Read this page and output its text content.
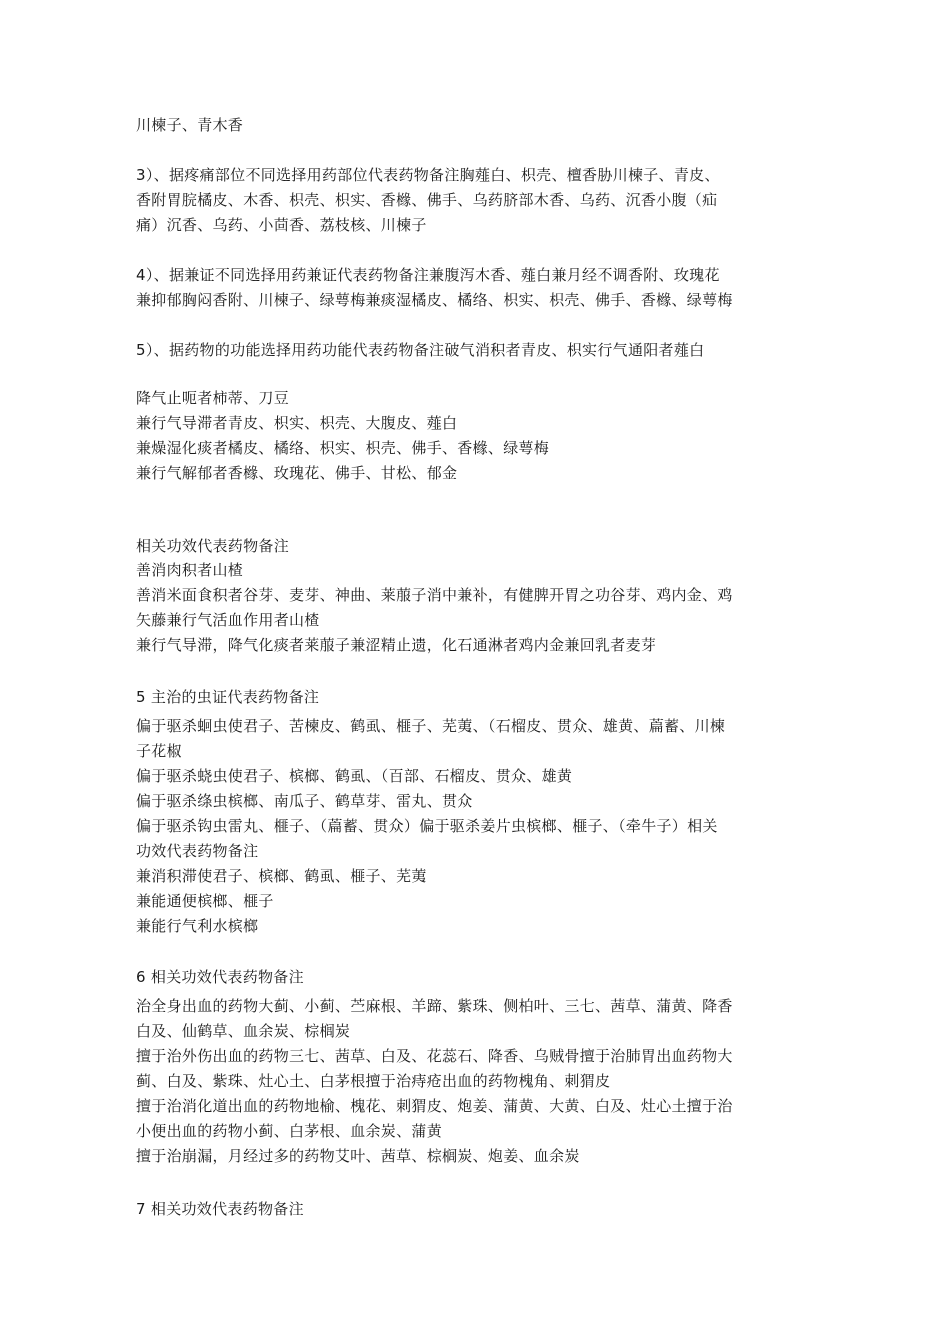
川楝子、青木香
3）、据疼痛部位不同选择用药部位代表药物备注胸薤白、枳壳、檀香胁川楝子、青皮、
香附胃脘橘皮、木香、枳壳、枳实、香橼、佛手、乌药脐部木香、乌药、沉香小腹（疝
痛）沉香、乌药、小茴香、荔枝核、川楝子
4）、据兼证不同选择用药兼证代表药物备注兼腹泻木香、薤白兼月经不调香附、玫瑰花
兼抑郁胸闷香附、川楝子、绿萼梅兼痰湿橘皮、橘络、枳实、枳壳、佛手、香橼、绿萼梅
5）、据药物的功能选择用药功能代表药物备注破气消积者青皮、枳实行气通阳者薤白
降气止呃者柿蒂、刀豆
兼行气导滞者青皮、枳实、枳壳、大腹皮、薤白
兼燥湿化痰者橘皮、橘络、枳实、枳壳、佛手、香橼、绿萼梅
兼行气解郁者香橼、玫瑰花、佛手、甘松、郁金
相关功效代表药物备注
善消肉积者山楂
善消米面食积者谷芽、麦芽、神曲、莱菔子消中兼补，有健脾开胃之功谷芽、鸡内金、鸡
矢藤兼行气活血作用者山楂
兼行气导滞，降气化痰者莱菔子兼涩精止遗，化石通淋者鸡内金兼回乳者麦芽
5 主治的虫证代表药物备注
偏于驱杀蛔虫使君子、苦楝皮、鹤虱、榧子、芜荑、（石榴皮、贯众、雄黄、萹蓄、川楝
子花椒
偏于驱杀蛲虫使君子、槟榔、鹤虱、（百部、石榴皮、贯众、雄黄
偏于驱杀绦虫槟榔、南瓜子、鹤草芽、雷丸、贯众
偏于驱杀钩虫雷丸、榧子、（萹蓄、贯众）偏于驱杀姜片虫槟榔、榧子、（牵牛子）相关
功效代表药物备注
兼消积滞使君子、槟榔、鹤虱、榧子、芜荑
兼能通便槟榔、榧子
兼能行气利水槟榔
6 相关功效代表药物备注
治全身出血的药物大蓟、小蓟、苎麻根、羊蹄、紫珠、侧柏叶、三七、茜草、蒲黄、降香
白及、仙鹤草、血余炭、棕榈炭
擅于治外伤出血的药物三七、茜草、白及、花蕊石、降香、乌贼骨擅于治肺胃出血药物大
蓟、白及、紫珠、灶心土、白茅根擅于治痔疮出血的药物槐角、刺猬皮
擅于治消化道出血的药物地榆、槐花、刺猬皮、炮姜、蒲黄、大黄、白及、灶心土擅于治
小便出血的药物小蓟、白茅根、血余炭、蒲黄
擅于治崩漏，月经过多的药物艾叶、茜草、棕榈炭、炮姜、血余炭
7 相关功效代表药物备注
